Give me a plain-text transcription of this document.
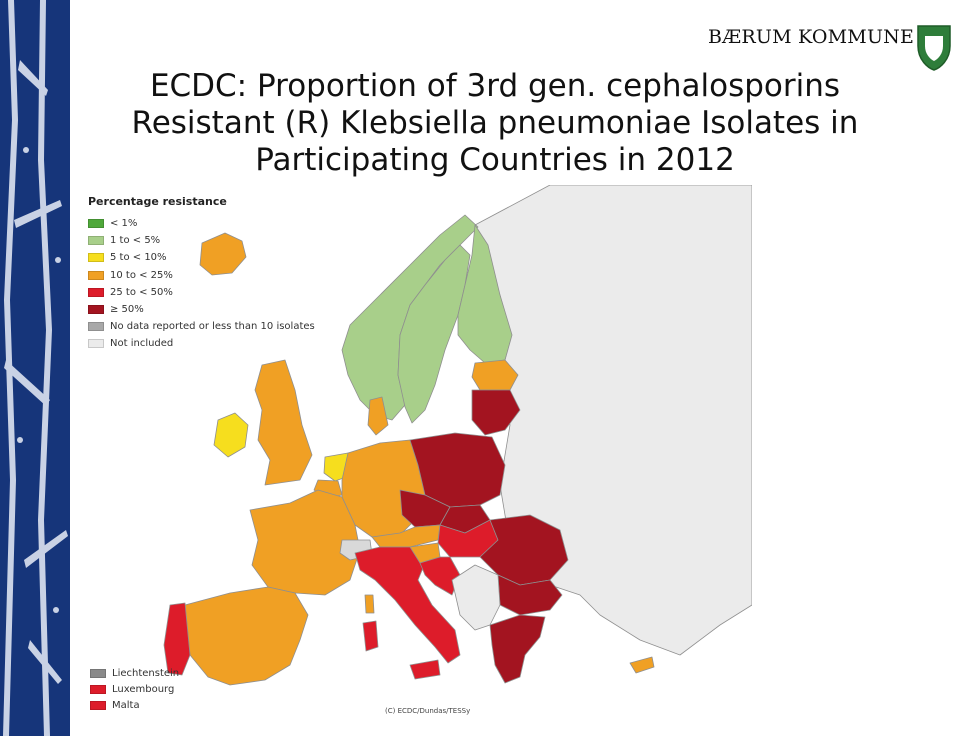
BÆRUM KOMMUNE
ECDC: Proportion of 3rd gen. cephalosporins
Resistant (R) Klebsiella pneumoniae Isolates in
Participating Countries in 2012
Percentage resistance
< 1%
1 to < 5%
5 to < 10%
10 to < 25%
25 to < 50%
≥ 50%
No data reported or less than 10 isolates
Not included
Liechtenstein
Luxembourg
Malta
(C) ECDC/Dundas/TESSy
